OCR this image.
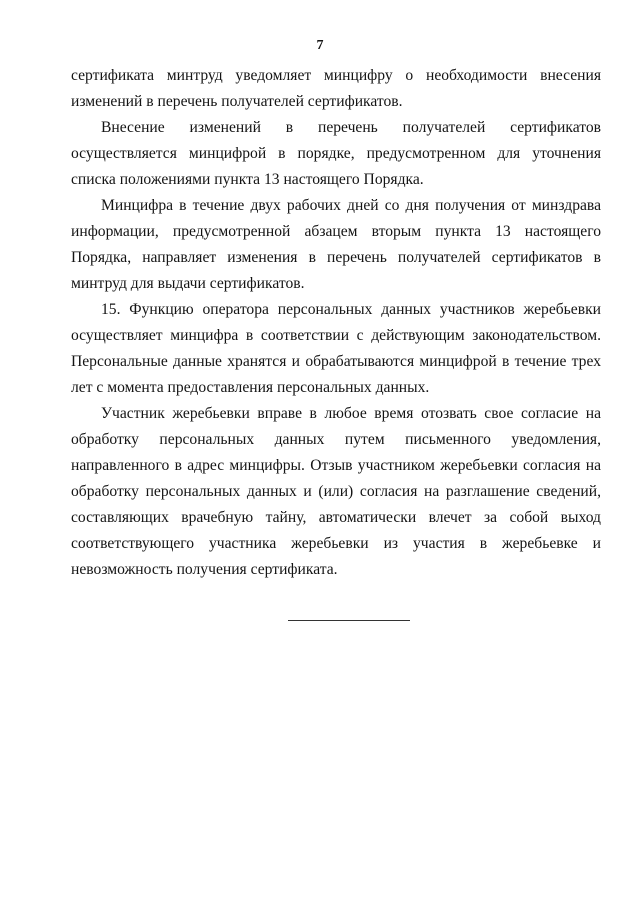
7

сертификата минтруд уведомляет минцифру о необходимости внесения изменений в перечень получателей сертификатов.

Внесение изменений в перечень получателей сертификатов осуществляется минцифрой в порядке, предусмотренном для уточнения списка положениями пункта 13 настоящего Порядка.

Минцифра в течение двух рабочих дней со дня получения от минздрава информации, предусмотренной абзацем вторым пункта 13 настоящего Порядка, направляет изменения в перечень получателей сертификатов в минтруд для выдачи сертификатов.

15. Функцию оператора персональных данных участников жеребьевки осуществляет минцифра в соответствии с действующим законодательством. Персональные данные хранятся и обрабатываются минцифрой в течение трех лет с момента предоставления персональных данных.

Участник жеребьевки вправе в любое время отозвать свое согласие на обработку персональных данных путем письменного уведомления, направленного в адрес минцифры. Отзыв участником жеребьевки согласия на обработку персональных данных и (или) согласия на разглашение сведений, составляющих врачебную тайну, автоматически влечет за собой выход соответствующего участника жеребьевки из участия в жеребьевке и невозможность получения сертификата.
